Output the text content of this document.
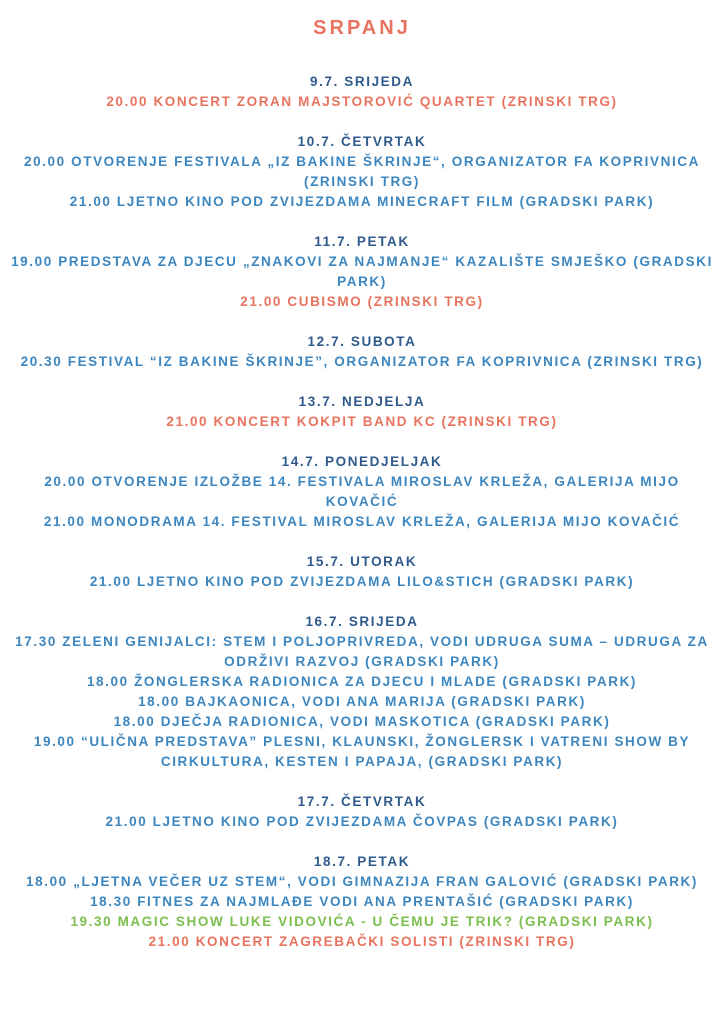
SRPANJ
9.7. SRIJEDA
20.00 KONCERT ZORAN MAJSTOROVIĆ QUARTET (ZRINSKI TRG)
10.7. ČETVRTAK
20.00 OTVORENJE FESTIVALA „IZ BAKINE ŠKRINJE“, ORGANIZATOR FA KOPRIVNICA (ZRINSKI TRG)
21.00 LJETNO KINO POD ZVIJEZDAMA MINECRAFT FILM (GRADSKI PARK)
11.7. PETAK
19.00 PREDSTAVA ZA DJECU „ZNAKOVI ZA NAJMANJE“ KAZALIŠTE SMJEŠKO (GRADSKI PARK)
21.00 CUBISMO (ZRINSKI TRG)
12.7. SUBOTA
20.30 FESTIVAL “IZ BAKINE ŠKRINJE”, ORGANIZATOR FA KOPRIVNICA (ZRINSKI TRG)
13.7. NEDJELJA
21.00 KONCERT KOKPIT BAND KC (ZRINSKI TRG)
14.7. PONEDJELJAK
20.00 OTVORENJE IZLOŽBE 14. FESTIVALA MIROSLAV KRLEŽA, GALERIJA MIJO KOVAČIĆ
21.00 MONODRAMA 14. FESTIVAL MIROSLAV KRLEŽA, GALERIJA MIJO KOVAČIĆ
15.7. UTORAK
21.00 LJETNO KINO POD ZVIJEZDAMA LILO&STICH (GRADSKI PARK)
16.7. SRIJEDA
17.30 ZELENI GENIJALCI: STEM I POLJOPRIVREDA, VODI UDRUGA SUMA – UDRUGA ZA ODRŽIVI RAZVOJ (GRADSKI PARK)
18.00 ŽONGLERSKA RADIONICA ZA DJECU I MLADE (GRADSKI PARK)
18.00 BAJKAONICA, VODI ANA MARIJA (GRADSKI PARK)
18.00 DJEČJA RADIONICA, VODI MASKOTICA (GRADSKI PARK)
19.00 “ULIČNA PREDSTAVA” PLESNI, KLAUNSKI, ŽONGLERSK I VATRENI SHOW BY CIRKULTURA, KESTEN I PAPAJA, (GRADSKI PARK)
17.7. ČETVRTAK
21.00 LJETNO KINO POD ZVIJEZDAMA ČOVPAS (GRADSKI PARK)
18.7. PETAK
18.00 „LJETNA VEČER UZ STEM“, VODI GIMNAZIJA FRAN GALOVIĆ (GRADSKI PARK)
18.30 FITNES ZA NAJMLAĐE VODI ANA PRENTAŠIĆ (GRADSKI PARK)
19.30 MAGIC SHOW LUKE VIDOVIĆA - U ČEMU JE TRIK? (GRADSKI PARK)
21.00 KONCERT ZAGREBAČKI SOLISTI (ZRINSKI TRG)
